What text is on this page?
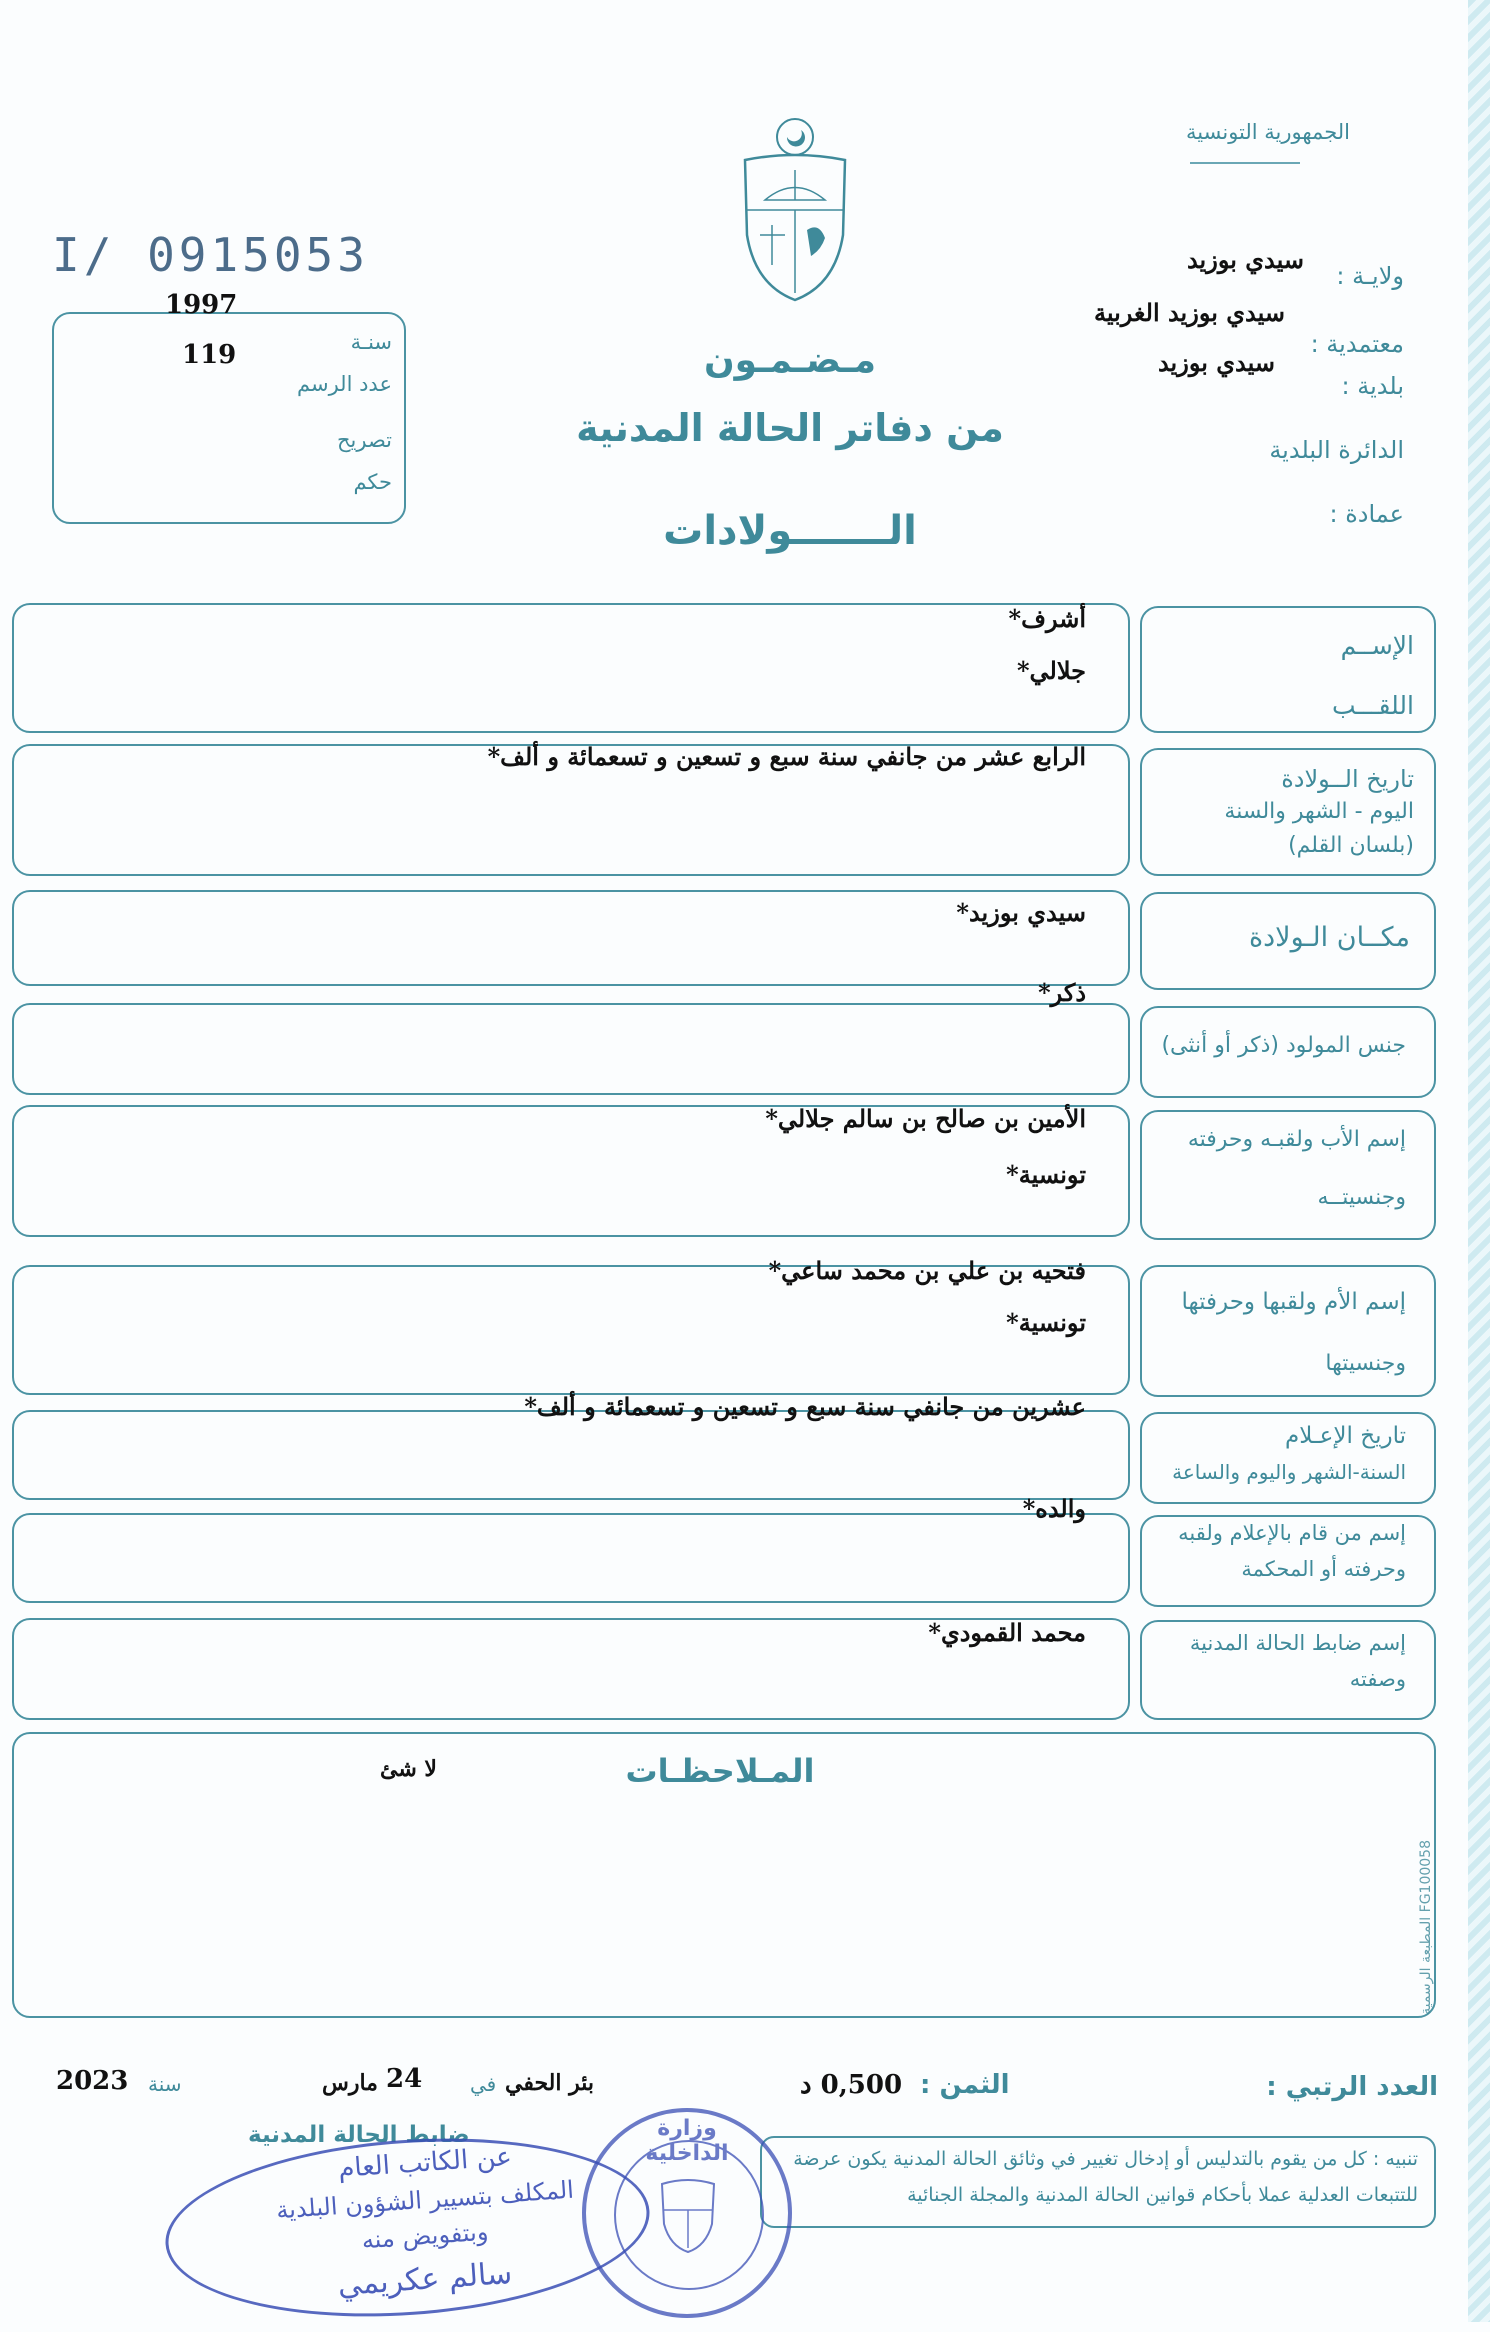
الجمهورية التونسية
I/ 0915053
1997
119	سنـة
عدد الرسم
تصريح
حكم
ولايـة :
سيدي بوزيد
معتمدية :
سيدي بوزيد الغربية
بلدية :
سيدي بوزيد
الدائرة البلدية
عمادة :
مـضـمـون
من دفاتر الحالة المدنية
الـــــــولادات
الإســم
اللقـــب
أشرف*
جلالي*
تاريخ الــولادة
اليوم - الشهر والسنة
(بلسان القلم)
الرابع عشر من جانفي سنة سبع و تسعين و تسعمائة و ألف*
مكــان الـولادة
سيدي بوزيد*
جنس المولود (ذكر أو أنثى)
ذكر*
إسم الأب ولقبـه وحرفته
وجنسيتــه
الأمين بن صالح بن سالم جلالي*
تونسية*
إسم الأم ولقبها وحرفتها
وجنسيتها
فتحيه بن علي بن محمد ساعي*
تونسية*
تاريخ الإعـلام
السنة-الشهر واليوم والساعة
عشرين من جانفي سنة سبع و تسعين و تسعمائة و ألف*
إسم من قام بالإعلام ولقبه
وحرفته أو المحكمة
والده*
إسم ضابط الحالة المدنية
وصفته
محمد القمودي*
المـلاحظـات
لا شئ
المطبعة الرسمية FG100058
العدد الرتبي :
الثمن :
0,500 د
بئر الحفي
في
24
مارس
سنة
2023
ضابط الحالة المدنية
تنبيه : كل من يقوم بالتدليس أو إدخال تغيير في وثائق الحالة المدنية يكون عرضة
للتتبعات العدلية عملا بأحكام قوانين الحالة المدنية والمجلة الجنائية
عن الكاتب العام
المكلف بتسيير الشؤون البلدية
وبتفويض منه
سالم عكريمي
وزارة الداخلية
